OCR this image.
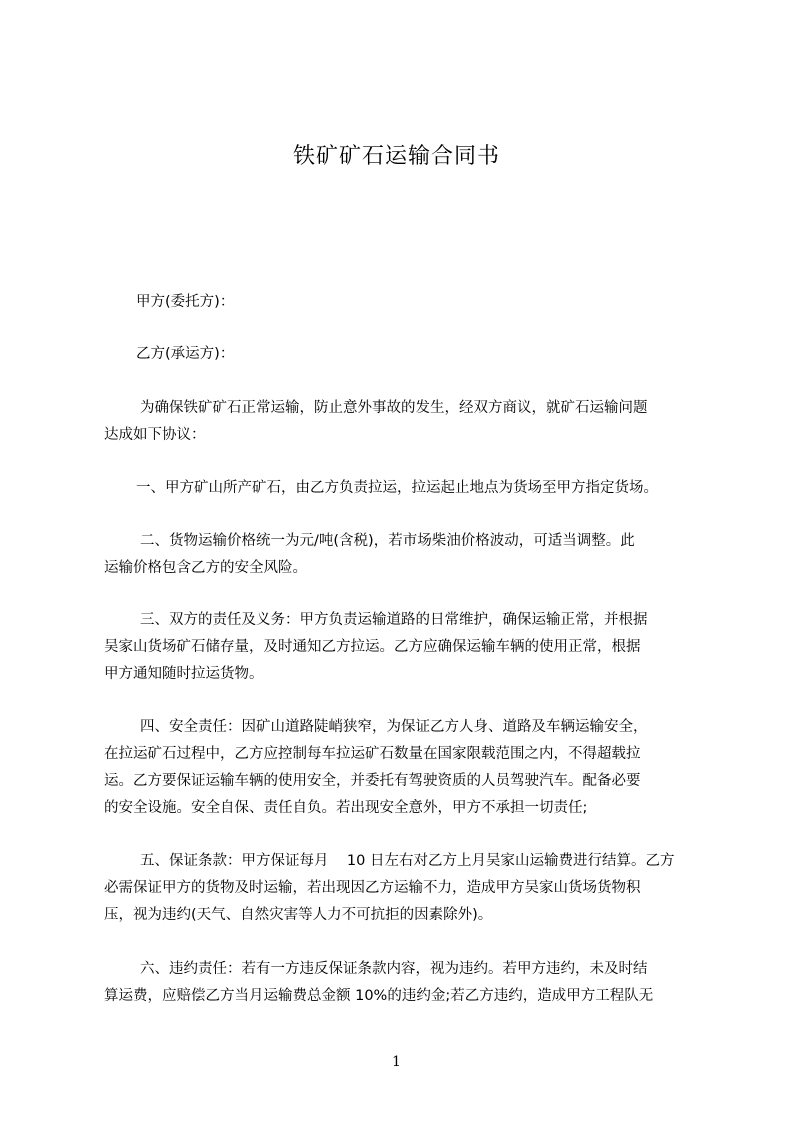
铁矿矿石运输合同书
甲方(委托方)：
乙方(承运方)：
为确保铁矿矿石正常运输，防止意外事故的发生，经双方商议，就矿石运输问题
达成如下协议：
一、甲方矿山所产矿石，由乙方负责拉运，拉运起止地点为货场至甲方指定货场。
二、货物运输价格统一为元/吨(含税)，若市场柴油价格波动，可适当调整。此
运输价格包含乙方的安全风险。
三、双方的责任及义务：甲方负责运输道路的日常维护，确保运输正常，并根据
吴家山货场矿石储存量，及时通知乙方拉运。乙方应确保运输车辆的使用正常，根据
甲方通知随时拉运货物。
四、安全责任：因矿山道路陡峭狭窄，为保证乙方人身、道路及车辆运输安全，
在拉运矿石过程中，乙方应控制每车拉运矿石数量在国家限载范围之内，不得超载拉
运。乙方要保证运输车辆的使用安全，并委托有驾驶资质的人员驾驶汽车。配备必要
的安全设施。安全自保、责任自负。若出现安全意外，甲方不承担一切责任;
五、保证条款：甲方保证每月    10 日左右对乙方上月吴家山运输费进行结算。乙方
必需保证甲方的货物及时运输，若出现因乙方运输不力，造成甲方吴家山货场货物积
压，视为违约(天气、自然灾害等人力不可抗拒的因素除外)。
六、违约责任：若有一方违反保证条款内容，视为违约。若甲方违约，未及时结
算运费，应赔偿乙方当月运输费总金额 10%的违约金;若乙方违约，造成甲方工程队无
1
